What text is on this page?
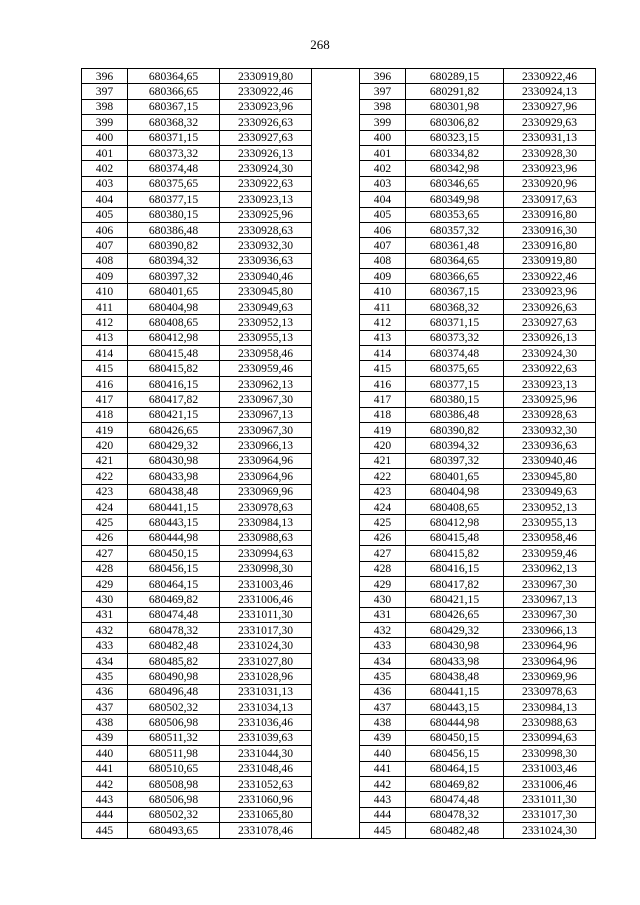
268
396	680364,65	2330919,80		396	680289,15	2330922,46
397	680366,65	2330922,46		397	680291,82	2330924,13
398	680367,15	2330923,96		398	680301,98	2330927,96
399	680368,32	2330926,63		399	680306,82	2330929,63
400	680371,15	2330927,63		400	680323,15	2330931,13
401	680373,32	2330926,13		401	680334,82	2330928,30
402	680374,48	2330924,30		402	680342,98	2330923,96
403	680375,65	2330922,63		403	680346,65	2330920,96
404	680377,15	2330923,13		404	680349,98	2330917,63
405	680380,15	2330925,96		405	680353,65	2330916,80
406	680386,48	2330928,63		406	680357,32	2330916,30
407	680390,82	2330932,30		407	680361,48	2330916,80
408	680394,32	2330936,63		408	680364,65	2330919,80
409	680397,32	2330940,46		409	680366,65	2330922,46
410	680401,65	2330945,80		410	680367,15	2330923,96
411	680404,98	2330949,63		411	680368,32	2330926,63
412	680408,65	2330952,13		412	680371,15	2330927,63
413	680412,98	2330955,13		413	680373,32	2330926,13
414	680415,48	2330958,46		414	680374,48	2330924,30
415	680415,82	2330959,46		415	680375,65	2330922,63
416	680416,15	2330962,13		416	680377,15	2330923,13
417	680417,82	2330967,30		417	680380,15	2330925,96
418	680421,15	2330967,13		418	680386,48	2330928,63
419	680426,65	2330967,30		419	680390,82	2330932,30
420	680429,32	2330966,13		420	680394,32	2330936,63
421	680430,98	2330964,96		421	680397,32	2330940,46
422	680433,98	2330964,96		422	680401,65	2330945,80
423	680438,48	2330969,96		423	680404,98	2330949,63
424	680441,15	2330978,63		424	680408,65	2330952,13
425	680443,15	2330984,13		425	680412,98	2330955,13
426	680444,98	2330988,63		426	680415,48	2330958,46
427	680450,15	2330994,63		427	680415,82	2330959,46
428	680456,15	2330998,30		428	680416,15	2330962,13
429	680464,15	2331003,46		429	680417,82	2330967,30
430	680469,82	2331006,46		430	680421,15	2330967,13
431	680474,48	2331011,30		431	680426,65	2330967,30
432	680478,32	2331017,30		432	680429,32	2330966,13
433	680482,48	2331024,30		433	680430,98	2330964,96
434	680485,82	2331027,80		434	680433,98	2330964,96
435	680490,98	2331028,96		435	680438,48	2330969,96
436	680496,48	2331031,13		436	680441,15	2330978,63
437	680502,32	2331034,13		437	680443,15	2330984,13
438	680506,98	2331036,46		438	680444,98	2330988,63
439	680511,32	2331039,63		439	680450,15	2330994,63
440	680511,98	2331044,30		440	680456,15	2330998,30
441	680510,65	2331048,46		441	680464,15	2331003,46
442	680508,98	2331052,63		442	680469,82	2331006,46
443	680506,98	2331060,96		443	680474,48	2331011,30
444	680502,32	2331065,80		444	680478,32	2331017,30
445	680493,65	2331078,46		445	680482,48	2331024,30
